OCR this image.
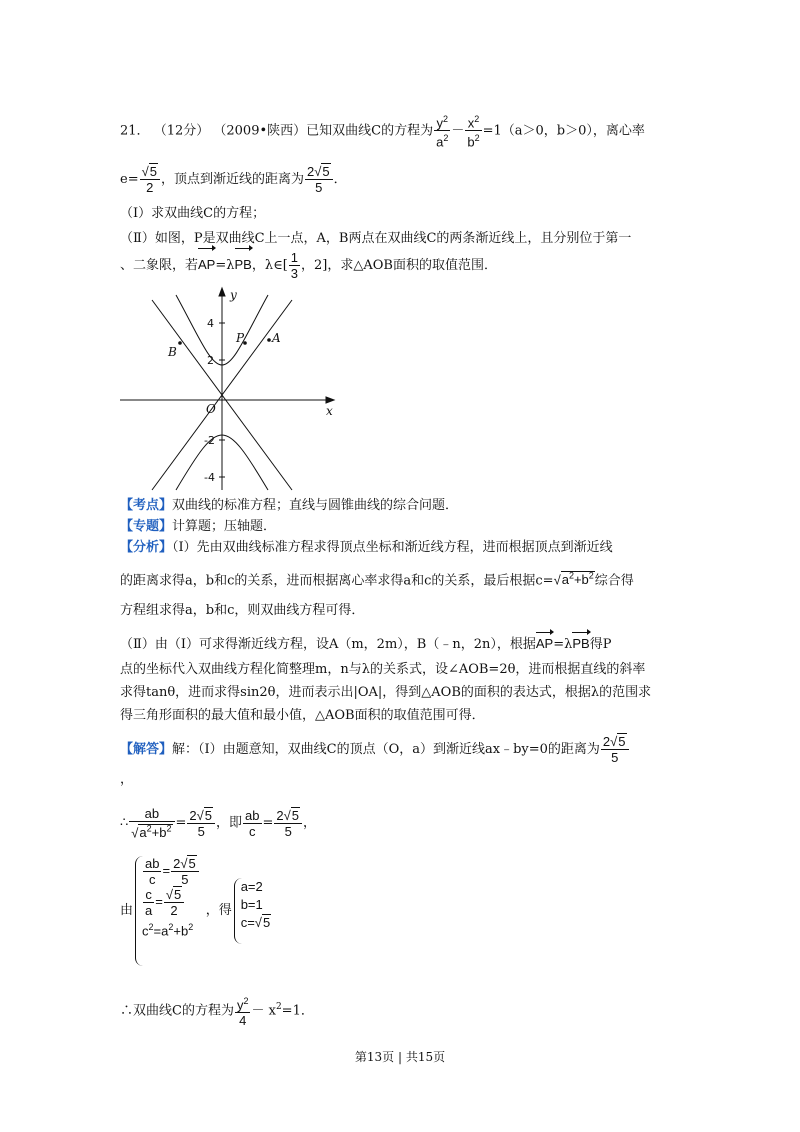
21． （12分） （2009•陕西）已知双曲线C的方程为 $\frac{y^2}{a^2} - \frac{x^2}{b^2} =1(a>0$，b＞0），离心率
$e= \frac{√5}{2}$ ，顶点到渐近线的距离为 $\frac{2√5}{5}$ ．
（Ⅰ）求双曲线C的方程；
（Ⅱ）如图，P是双曲线C上一点，A，B两点在双曲线C的两条渐近线上，且分别位于第一
、二象限，若AP=λPB，λ∈[ $\frac{1}{3}$ ，2]，求△AOB面积的取值范围．
y
x
O
P A
B
4
2
-2
-4
【考点】双曲线的标准方程；直线与圆锥曲线的综合问题．
【专题】计算题；压轴题．
【分析】（Ⅰ）先由双曲线标准方程求得顶点坐标和渐近线方程，进而根据顶点到渐近线
的距离求得a，b和c的关系，进而根据离心率求得a和c的关系，最后根据$c=√a^2+b^2$综合得
方程组求得a，b和c，则双曲线方程可得．
（Ⅱ）由（Ⅰ）可求得渐近线方程，设A（m，2m），B（﹣n，2n），根据AP=λPB得P
点的坐标代入双曲线方程化简整理m，n与λ的关系式，设∠AOB=2θ，进而根据直线的斜率
求得tanθ，进而求得sin2θ，进而表示出|OA|，得到△AOB的面积的表达式，根据λ的范围求
得三角形面积的最大值和最小值，△AOB面积的取值范围可得．
【解答】解：（Ⅰ）由题意知，双曲线C的顶点（O，a）到渐近线ax﹣by=0的距离为 $\frac{2√5}{5}$
，
∴ $\frac{ab}{√a^2+b^2} = \frac{2√5}{5}$ ，即 $\frac{ab}{c} = \frac{2√5}{5}$ ，
由
$\frac{ab}{c} = \frac{2√5}{5}$
$\frac{c}{a} = \frac{√5}{2}$
$c^2=a^2+b^2$
，得
a=2
b=1
c=√5
∴双曲线C的方程为 $\frac{y^2}{4} - x^2=1$．
第13页 | 共15页
